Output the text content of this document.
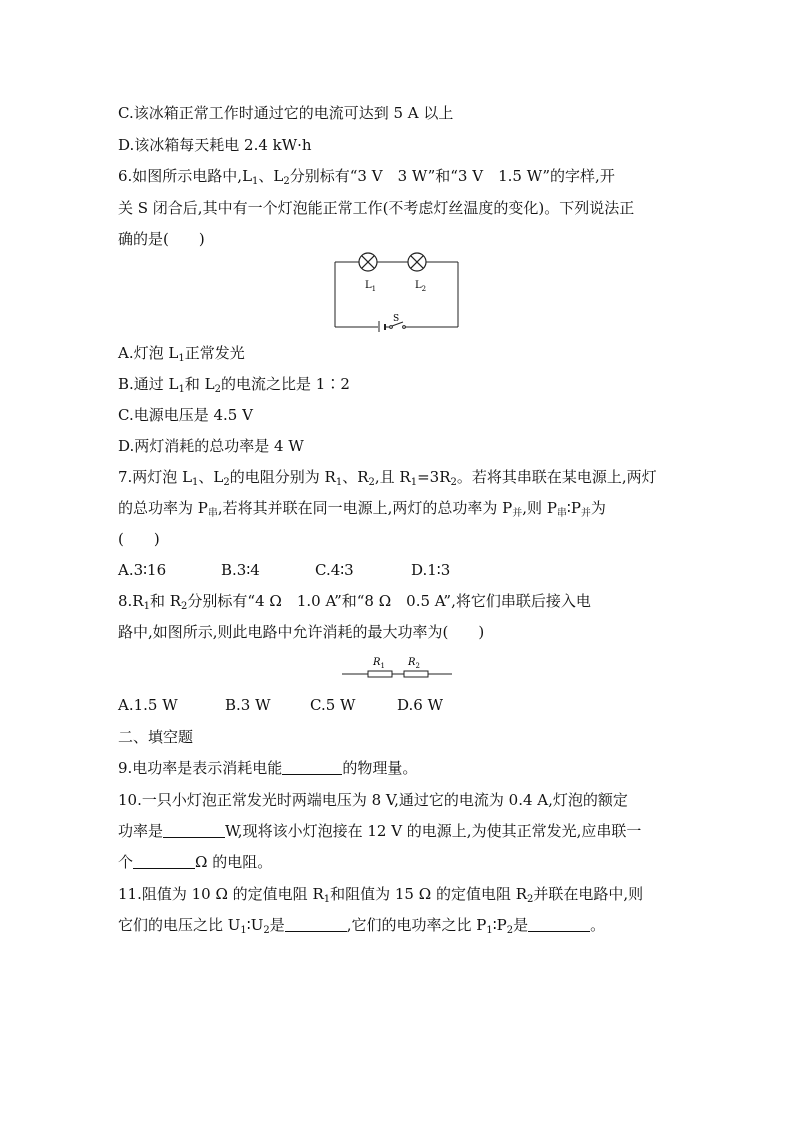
C.该冰箱正常工作时通过它的电流可达到 5 A 以上
D.该冰箱每天耗电 2.4 kW·h
6.如图所示电路中$,L_1$、$L_2$分别标有“3 V　3 W”和“3 V　1.5 W”的字样,开
关 S 闭合后,其中有一个灯泡能正常工作(不考虑灯丝温度的变化)。下列说法正
确的是(　　)
$L_1$	$L_2$
S
A.灯泡 $L_1$正常发光
B.通过 $L_1$和 $L_2$的电流之比是 1∶2
C.电源电压是 4.5 V
D.两灯消耗的总功率是 4 W
7.两灯泡 $L_1$、$L_2$的电阻分别为 $R_1$、$R_2$,且 $R_1=3R_2$。若将其串联在某电源上,两灯
的总功率为 $P_串$,若将其并联在同一电源上,两灯的总功率为 $P_并$,则 $P_串∶P_并$为
(　　)
A.3∶16	B.3∶4	C.4∶3	D.1∶3
$8.R_1$和 $R_2$分别标有“4 Ω　1.0 A”和“8 Ω　0.5 A”,将它们串联后接入电
路中,如图所示,则此电路中允许消耗的最大功率为(　　)
$R_1$ $R_2$
A.1.5 W	B.3 W	C.5 W	D.6 W
二、填空题
9.电功率是表示消耗电能	的物理量。
10.一只小灯泡正常发光时两端电压为 8 V,通过它的电流为 0.4 A,灯泡的额定
功率是	W,现将该小灯泡接在 12 V 的电源上,为使其正常发光,应串联一
个	Ω 的电阻。
11.阻值为 10 Ω 的定值电阻 $R_1$和阻值为 15 Ω 的定值电阻 $R_2$并联在电路中,则
它们的电压之比 $U_1∶U_2$是	,它们的电功率之比 $P_1∶P_2$是	。
